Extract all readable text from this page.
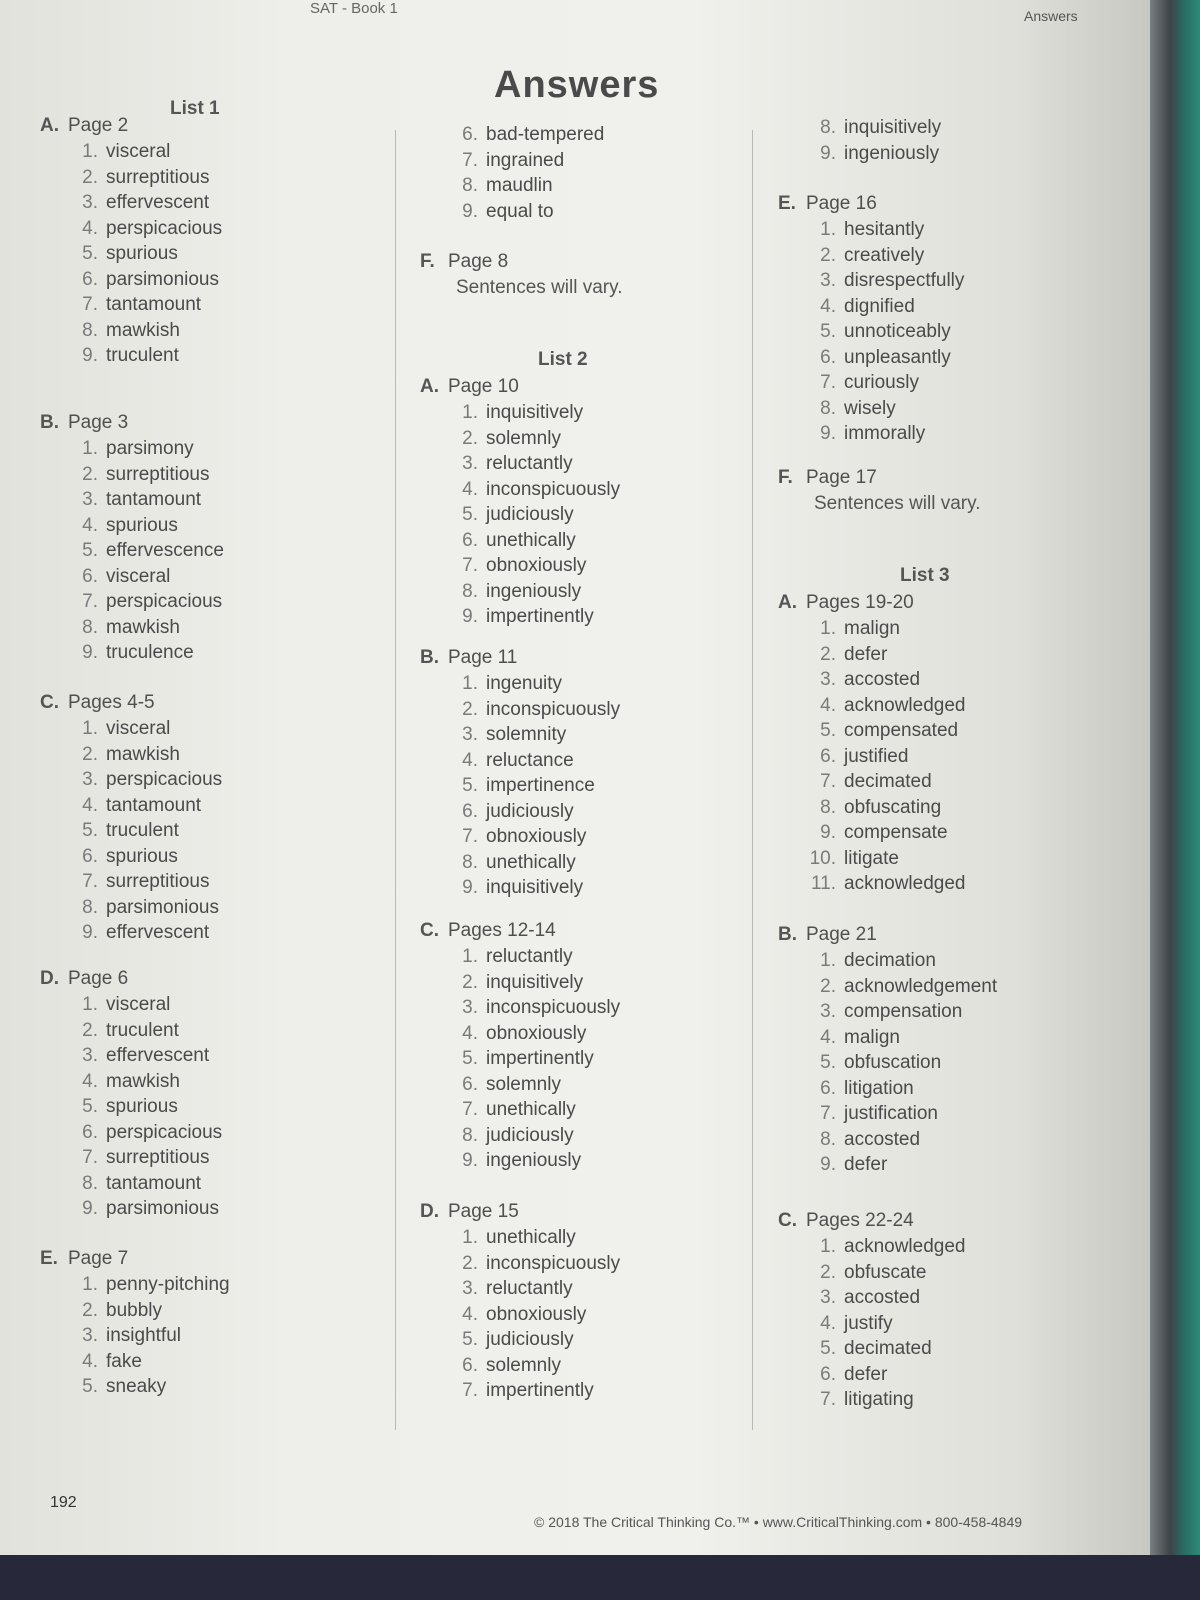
SAT - Book 1	Answers
Answers
List 1
A. Page 2
1. visceral
2. surreptitious
3. effervescent
4. perspicacious
5. spurious
6. parsimonious
7. tantamount
8. mawkish
9. truculent
B. Page 3
1. parsimony
2. surreptitious
3. tantamount
4. spurious
5. effervescence
6. visceral
7. perspicacious
8. mawkish
9. truculence
C. Pages 4-5
1. visceral
2. mawkish
3. perspicacious
4. tantamount
5. truculent
6. spurious
7. surreptitious
8. parsimonious
9. effervescent
D. Page 6
1. visceral
2. truculent
3. effervescent
4. mawkish
5. spurious
6. perspicacious
7. surreptitious
8. tantamount
9. parsimonious
E. Page 7
1. penny-pitching
2. bubbly
3. insightful
4. fake
5. sneaky
6. bad-tempered
7. ingrained
8. maudlin
9. equal to
F. Page 8
Sentences will vary.
List 2
A. Page 10
1. inquisitively
2. solemnly
3. reluctantly
4. inconspicuously
5. judiciously
6. unethically
7. obnoxiously
8. ingeniously
9. impertinently
B. Page 11
1. ingenuity
2. inconspicuously
3. solemnity
4. reluctance
5. impertinence
6. judiciously
7. obnoxiously
8. unethically
9. inquisitively
C. Pages 12-14
1. reluctantly
2. inquisitively
3. inconspicuously
4. obnoxiously
5. impertinently
6. solemnly
7. unethically
8. judiciously
9. ingeniously
D. Page 15
1. unethically
2. inconspicuously
3. reluctantly
4. obnoxiously
5. judiciously
6. solemnly
7. impertinently
8. inquisitively
9. ingeniously
E. Page 16
1. hesitantly
2. creatively
3. disrespectfully
4. dignified
5. unnoticeably
6. unpleasantly
7. curiously
8. wisely
9. immorally
F. Page 17
Sentences will vary.
List 3
A. Pages 19-20
1. malign
2. defer
3. accosted
4. acknowledged
5. compensated
6. justified
7. decimated
8. obfuscating
9. compensate
10. litigate
11. acknowledged
B. Page 21
1. decimation
2. acknowledgement
3. compensation
4. malign
5. obfuscation
6. litigation
7. justification
8. accosted
9. defer
C. Pages 22-24
1. acknowledged
2. obfuscate
3. accosted
4. justify
5. decimated
6. defer
7. litigating
192
© 2018 The Critical Thinking Co.™ • www.CriticalThinking.com • 800-458-4849
